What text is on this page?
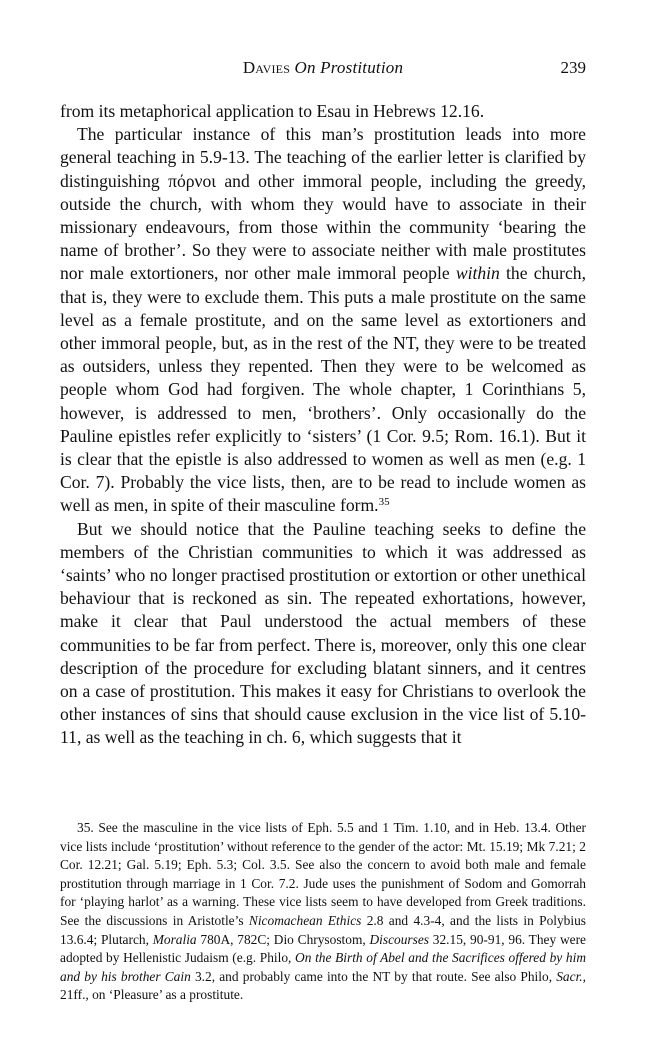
Davies On Prostitution	239

from its metaphorical application to Esau in Hebrews 12.16.

The particular instance of this man’s prostitution leads into more general teaching in 5.9-13. The teaching of the earlier letter is clarified by distinguishing πόρνοι and other immoral people, including the greedy, outside the church, with whom they would have to associate in their missionary endeavours, from those within the community ‘bearing the name of brother’. So they were to associate neither with male prostitutes nor male extortioners, nor other male immoral people within the church, that is, they were to exclude them. This puts a male prostitute on the same level as a female prostitute, and on the same level as extortioners and other immoral people, but, as in the rest of the NT, they were to be treated as outsiders, unless they repented. Then they were to be welcomed as people whom God had forgiven. The whole chapter, 1 Corinthians 5, however, is addressed to men, ‘brothers’. Only occasionally do the Pauline epistles refer explicitly to ‘sisters’ (1 Cor. 9.5; Rom. 16.1). But it is clear that the epistle is also addressed to women as well as men (e.g. 1 Cor. 7). Probably the vice lists, then, are to be read to include women as well as men, in spite of their masculine form.$^{35}$

But we should notice that the Pauline teaching seeks to define the members of the Christian communities to which it was addressed as ‘saints’ who no longer practised prostitution or extortion or other unethical behaviour that is reckoned as sin. The repeated exhortations, however, make it clear that Paul understood the actual members of these communities to be far from perfect. There is, moreover, only this one clear description of the procedure for excluding blatant sinners, and it centres on a case of prostitution. This makes it easy for Christians to overlook the other instances of sins that should cause exclusion in the vice list of 5.10-11, as well as the teaching in ch. 6, which suggests that it

35. See the masculine in the vice lists of Eph. 5.5 and 1 Tim. 1.10, and in Heb. 13.4. Other vice lists include ‘prostitution’ without reference to the gender of the actor: Mt. 15.19; Mk 7.21; 2 Cor. 12.21; Gal. 5.19; Eph. 5.3; Col. 3.5. See also the concern to avoid both male and female prostitution through marriage in 1 Cor. 7.2. Jude uses the punishment of Sodom and Gomorrah for ‘playing harlot’ as a warning. These vice lists seem to have developed from Greek traditions. See the discussions in Aristotle’s Nicomachean Ethics 2.8 and 4.3-4, and the lists in Polybius 13.6.4; Plutarch, Moralia 780A, 782C; Dio Chrysostom, Discourses 32.15, 90-91, 96. They were adopted by Hellenistic Judaism (e.g. Philo, On the Birth of Abel and the Sacrifices offered by him and by his brother Cain 3.2, and probably came into the NT by that route. See also Philo, Sacr., 21ff., on ‘Pleasure’ as a prostitute.
